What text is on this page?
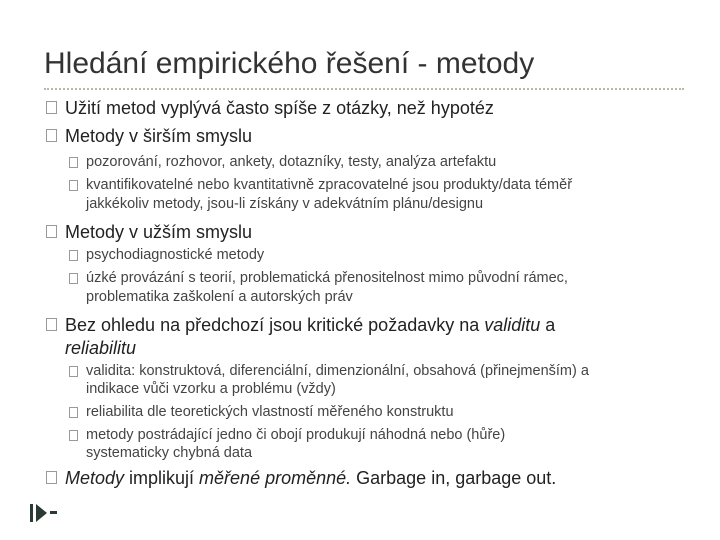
Hledání empirického řešení - metody
Užití metod vyplývá často spíše z otázky, než hypotéz
Metody v širším smyslu
pozorování, rozhovor, ankety, dotazníky, testy, analýza artefaktu
kvantifikovatelné nebo kvantitativně zpracovatelné jsou produkty/data téměř
jakkékoliv metody, jsou-li získány v adekvátním plánu/designu
Metody v užším smyslu
psychodiagnostické metody
úzké provázání s teorií, problematická přenositelnost mimo původní rámec,
problematika zaškolení a autorských práv
Bez ohledu na předchozí jsou kritické požadavky na validitu a
reliabilitu
validita: konstruktová, diferenciální, dimenzionální, obsahová (přinejmenším) a
indikace vůči vzorku a problému (vždy)
reliabilita dle teoretických vlastností měřeného konstruktu
metody postrádající jedno či obojí produkují náhodná nebo (hůře)
systematicky chybná data
Metody implikují měřené proměnné. Garbage in, garbage out.
